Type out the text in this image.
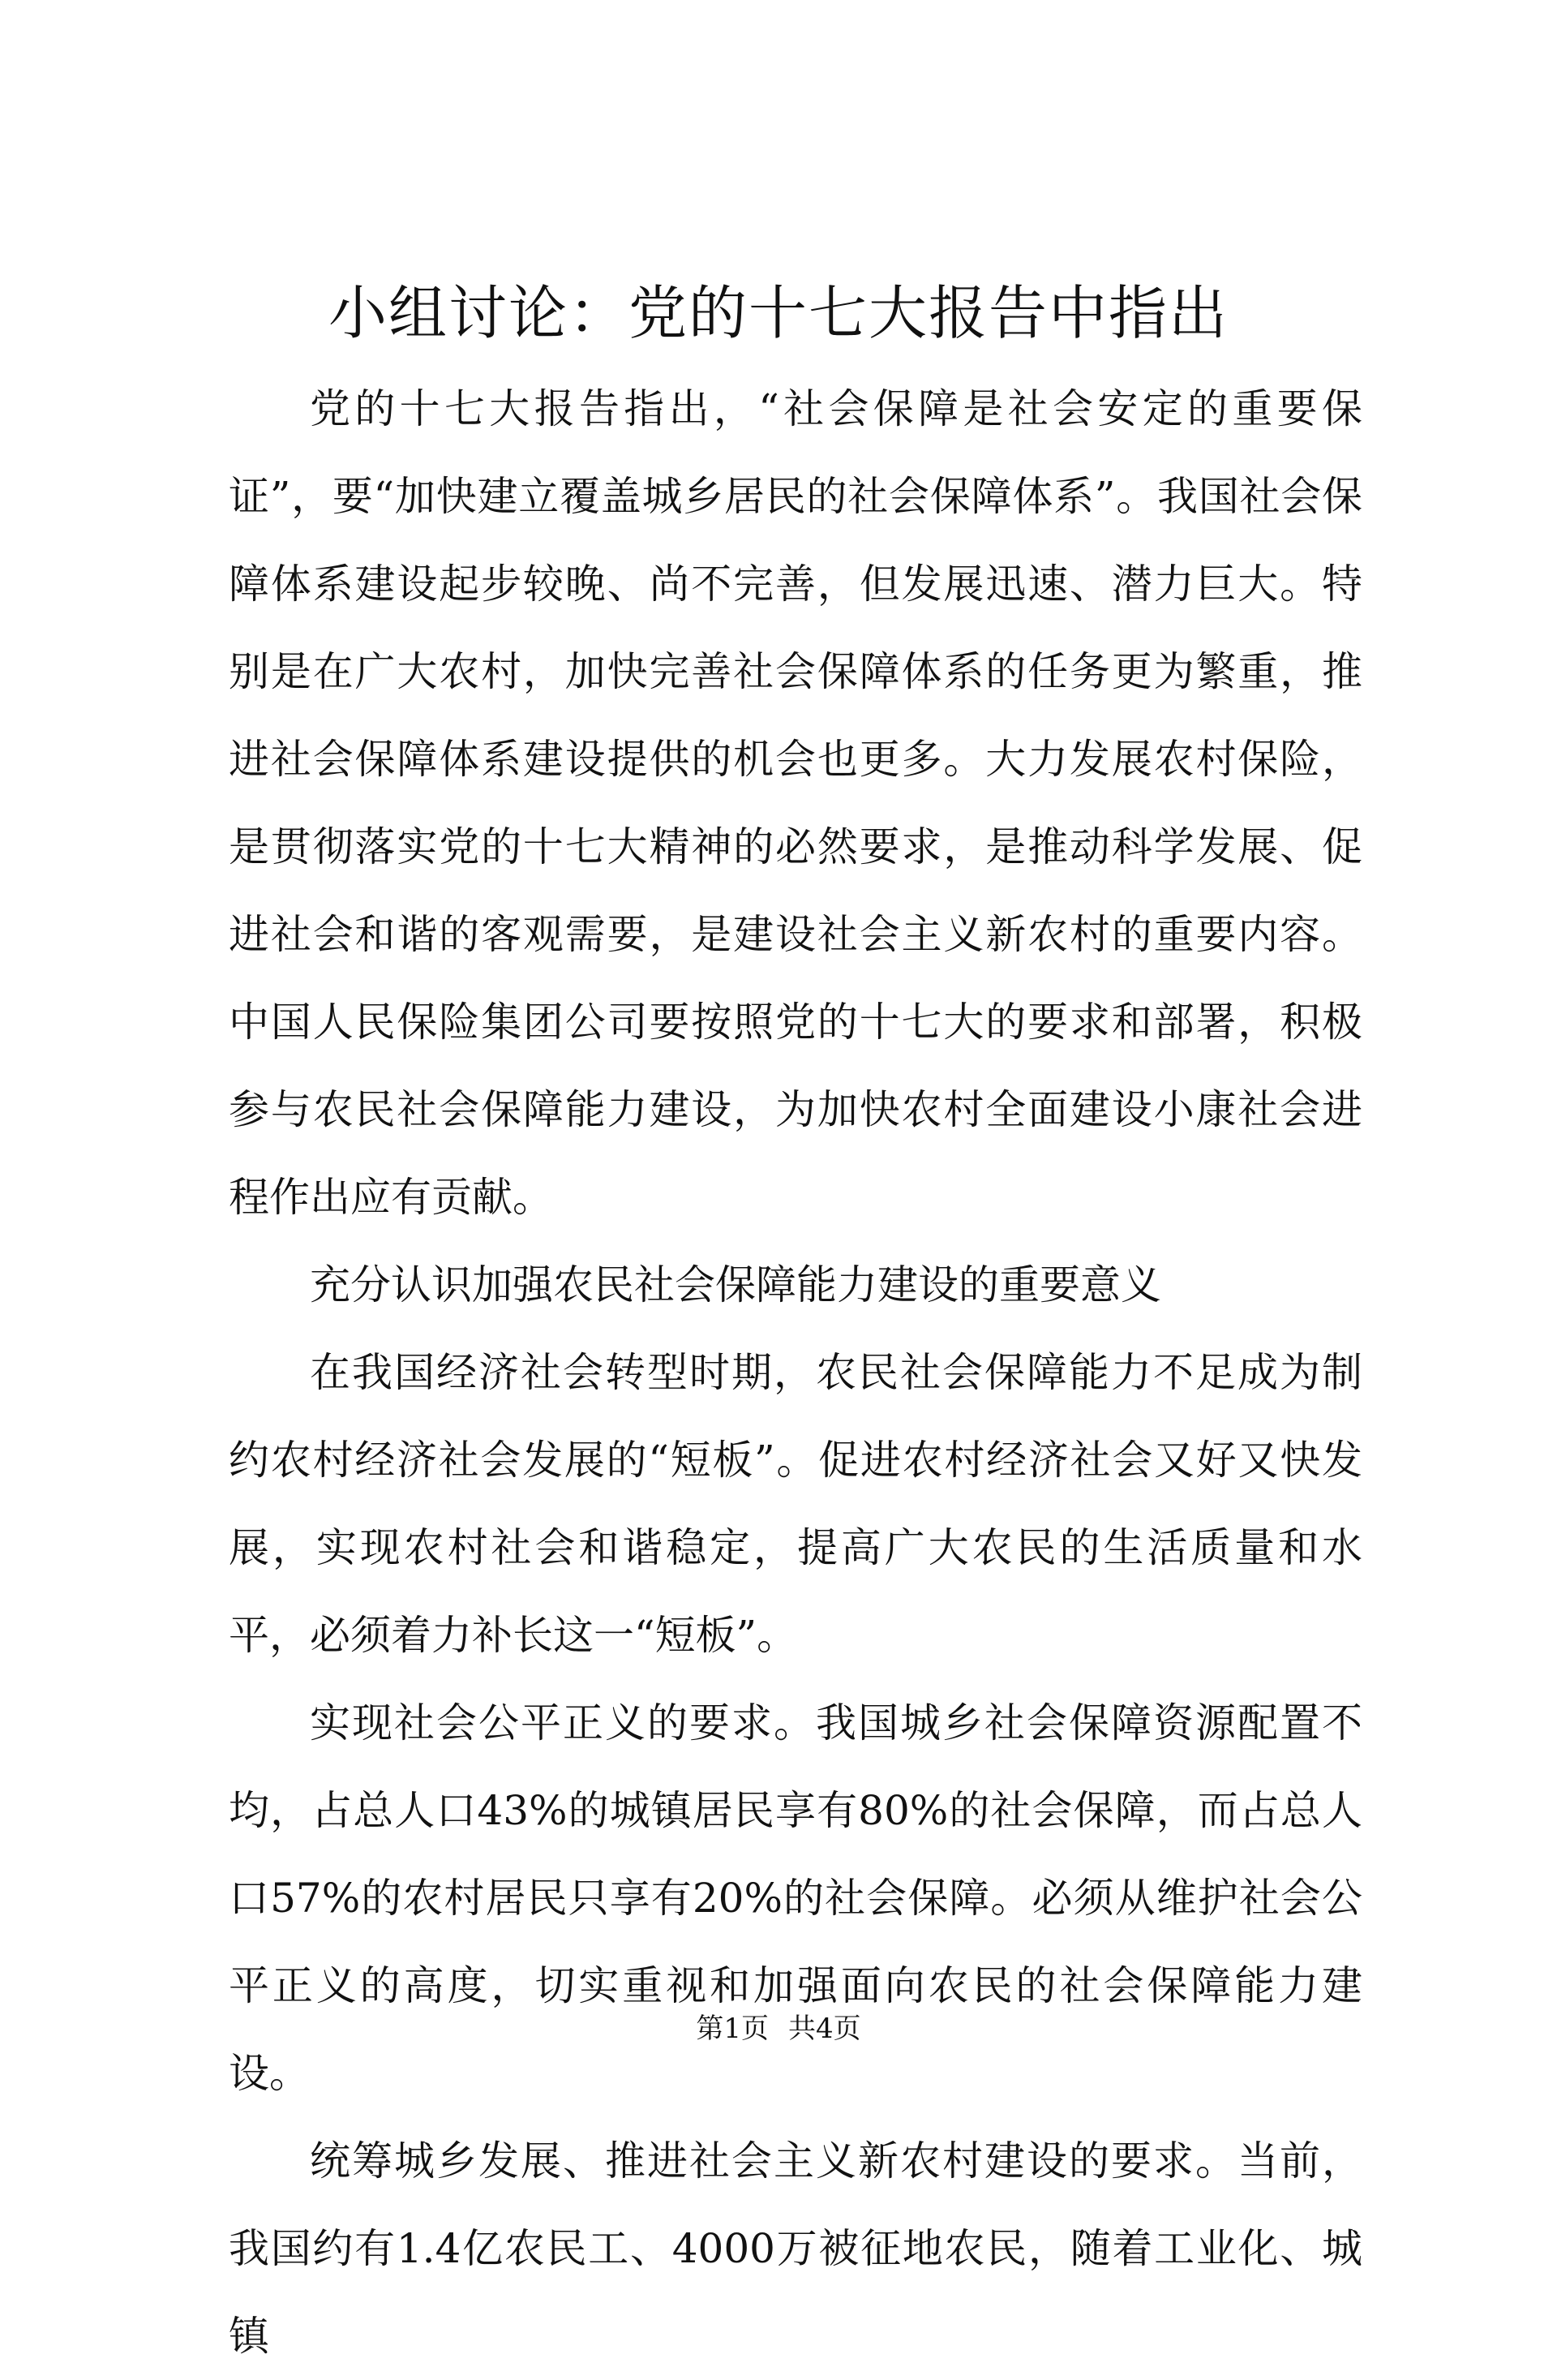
小组讨论：党的十七大报告中指出

党的十七大报告指出，“社会保障是社会安定的重要保证”，要“加快建立覆盖城乡居民的社会保障体系”。我国社会保障体系建设起步较晚、尚不完善，但发展迅速、潜力巨大。特别是在广大农村，加快完善社会保障体系的任务更为繁重，推进社会保障体系建设提供的机会也更多。大力发展农村保险，是贯彻落实党的十七大精神的必然要求，是推动科学发展、促进社会和谐的客观需要，是建设社会主义新农村的重要内容。中国人民保险集团公司要按照党的十七大的要求和部署，积极参与农民社会保障能力建设，为加快农村全面建设小康社会进程作出应有贡献。

充分认识加强农民社会保障能力建设的重要意义

在我国经济社会转型时期，农民社会保障能力不足成为制约农村经济社会发展的“短板”。促进农村经济社会又好又快发展，实现农村社会和谐稳定，提高广大农民的生活质量和水平，必须着力补长这一“短板”。

实现社会公平正义的要求。我国城乡社会保障资源配置不均，占总人口43%的城镇居民享有80%的社会保障，而占总人口57%的农村居民只享有20%的社会保障。必须从维护社会公平正义的高度，切实重视和加强面向农民的社会保障能力建设。

统筹城乡发展、推进社会主义新农村建设的要求。当前，我国约有1.4亿农民工、4000万被征地农民，随着工业化、城镇

第1页 共4页
